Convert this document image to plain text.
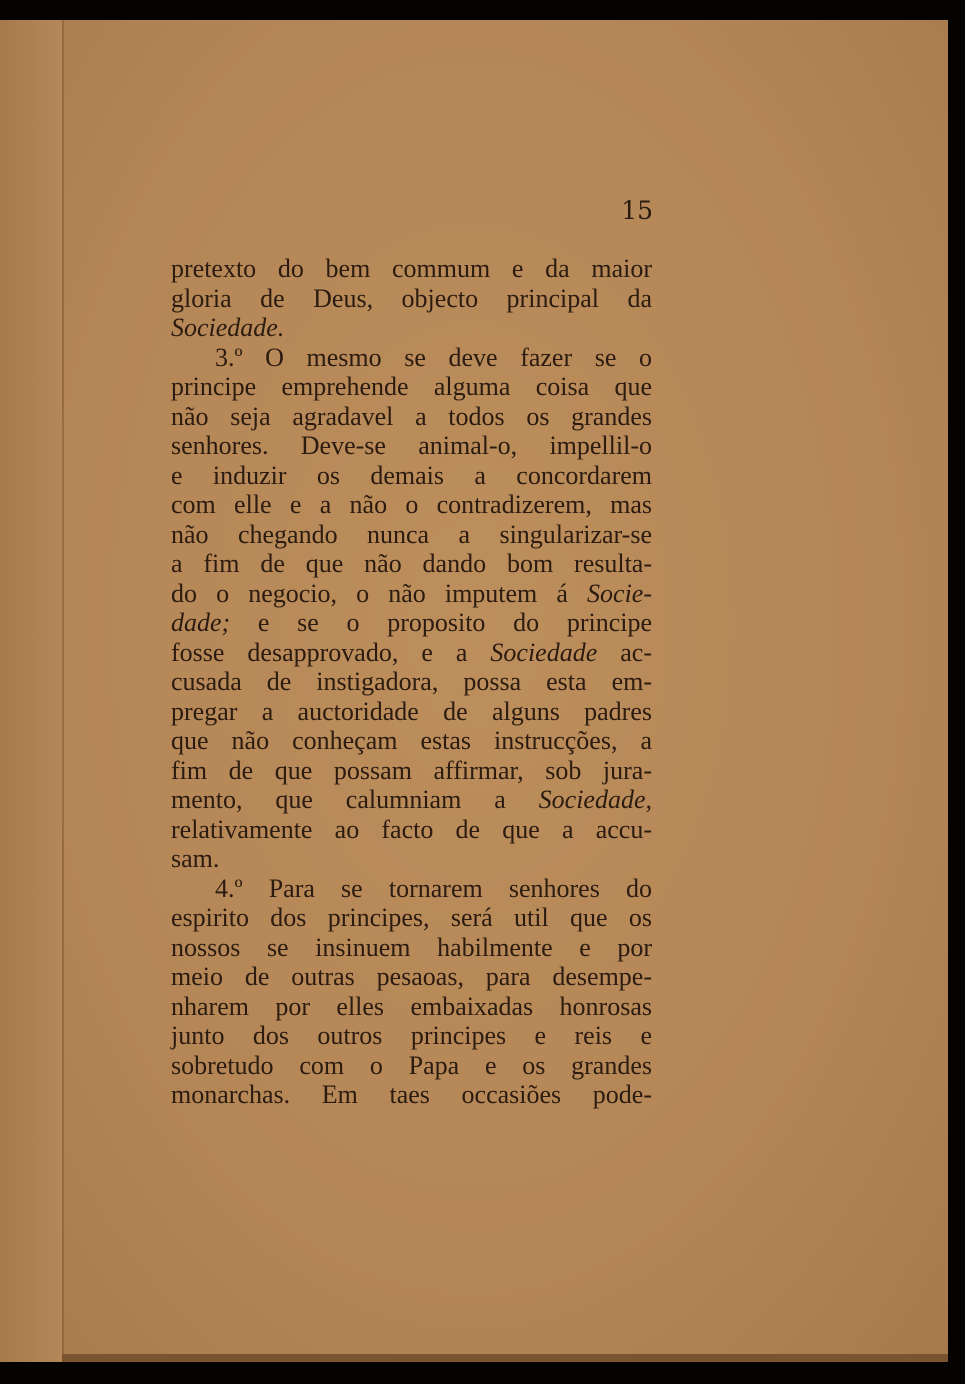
15
pretexto do bem commum e da maior
gloria de Deus, objecto principal da
Sociedade.
3.º O mesmo se deve fazer se o
principe emprehende alguma coisa que
não seja agradavel a todos os grandes
senhores. Deve-se animal-o, impellil-o
e induzir os demais a concordarem
com elle e a não o contradizerem, mas
não chegando nunca a singularizar-se
a fim de que não dando bom resulta-
do o negocio, o não imputem á Socie-
dade; e se o proposito do principe
fosse desapprovado, e a Sociedade ac-
cusada de instigadora, possa esta em-
pregar a auctoridade de alguns padres
que não conheçam estas instrucções, a
fim de que possam affirmar, sob jura-
mento, que calumniam a Sociedade,
relativamente ao facto de que a accu-
sam.
4.º Para se tornarem senhores do
espirito dos principes, será util que os
nossos se insinuem habilmente e por
meio de outras pesaoas, para desempe-
nharem por elles embaixadas honrosas
junto dos outros principes e reis e
sobretudo com o Papa e os grandes
monarchas. Em taes occasiões pode-
